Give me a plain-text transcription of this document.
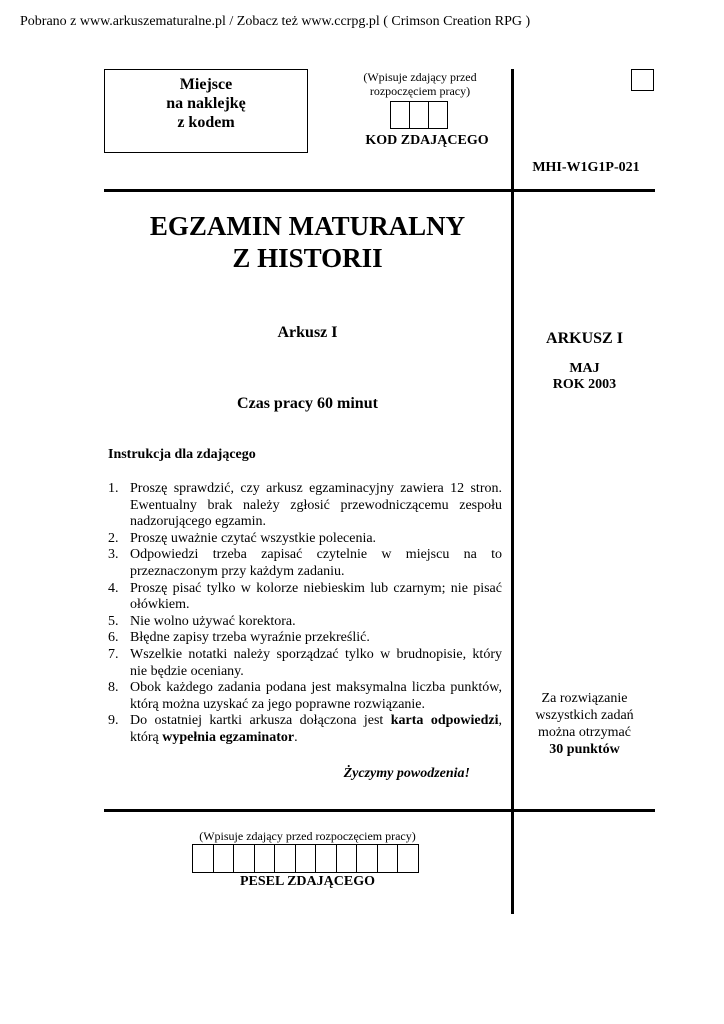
Pobrano z www.arkuszematuralne.pl / Zobacz też www.ccrpg.pl ( Crimson Creation RPG )
Miejsce
na naklejkę
z kodem
(Wpisuje zdający przed
rozpoczęciem pracy)
KOD ZDAJĄCEGO
MHI-W1G1P-021
EGZAMIN MATURALNY
Z HISTORII
Arkusz I
Czas pracy 60 minut
ARKUSZ I
MAJ
ROK 2003
Instrukcja dla zdającego
1. Proszę sprawdzić, czy arkusz egzaminacyjny zawiera 12 stron. Ewentualny brak należy zgłosić przewodniczącemu zespołu nadzorującego egzamin.
2. Proszę uważnie czytać wszystkie polecenia.
3. Odpowiedzi trzeba zapisać czytelnie w miejscu na to przeznaczonym przy każdym zadaniu.
4. Proszę pisać tylko w kolorze niebieskim lub czarnym; nie pisać ołówkiem.
5. Nie wolno używać korektora.
6. Błędne zapisy trzeba wyraźnie przekreślić.
7. Wszelkie notatki należy sporządzać tylko w brudnopisie, który nie będzie oceniany.
8. Obok każdego zadania podana jest maksymalna liczba punktów, którą można uzyskać za jego poprawne rozwiązanie.
9. Do ostatniej kartki arkusza dołączona jest karta odpowiedzi, którą wypełnia egzaminator.
Życzymy powodzenia!
Za rozwiązanie
wszystkich zadań
można otrzymać
30 punktów
(Wpisuje zdający przed rozpoczęciem pracy)
PESEL ZDAJĄCEGO
